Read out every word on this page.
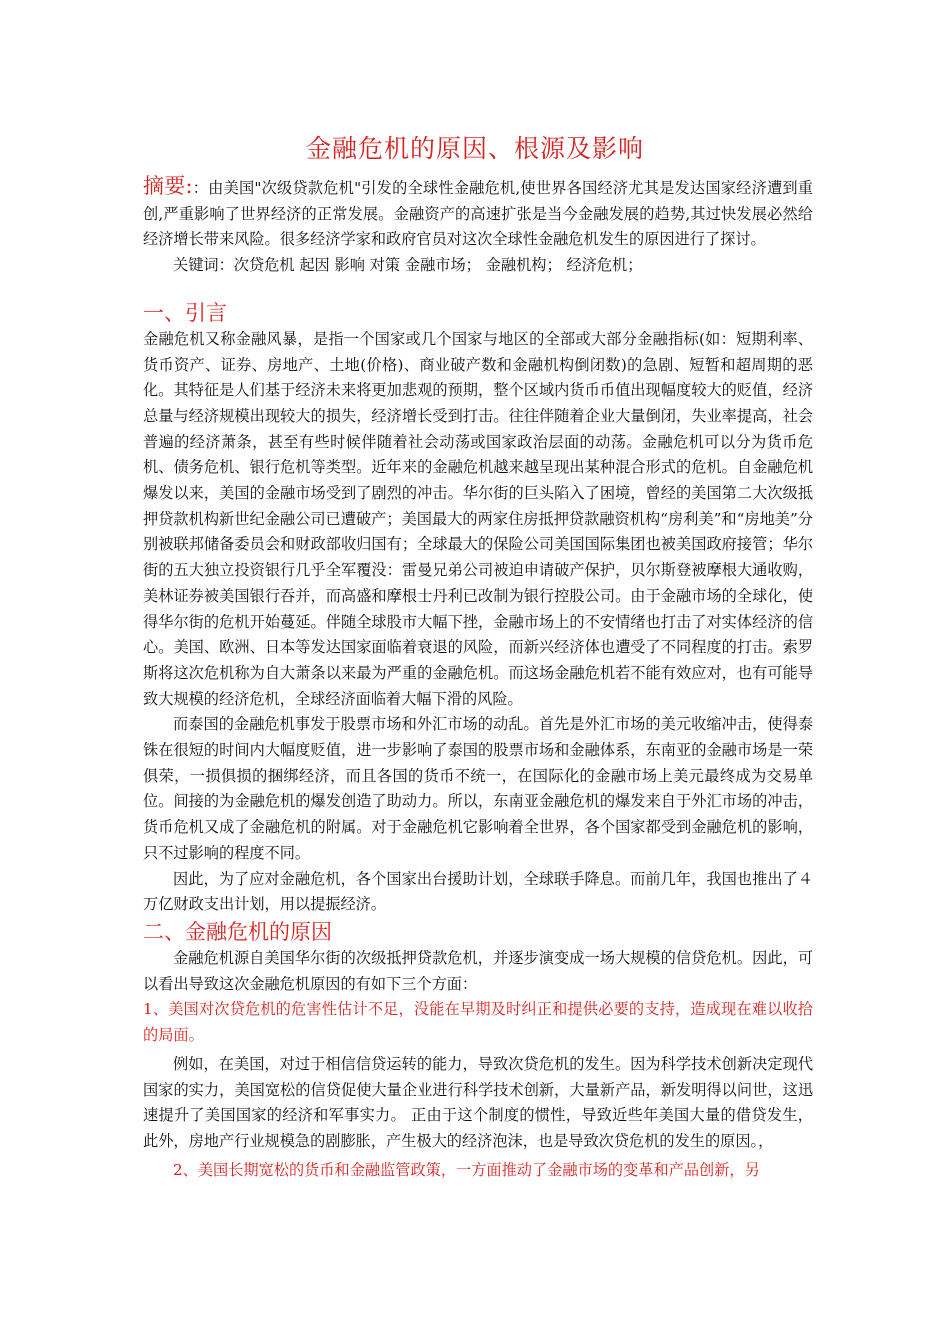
金融危机的原因、根源及影响

摘要:：由美国"次级贷款危机"引发的全球性金融危机,使世界各国经济尤其是发达国家经济遭到重创,严重影响了世界经济的正常发展。金融资产的高速扩张是当今金融发展的趋势,其过快发展必然给经济增长带来风险。很多经济学家和政府官员对这次全球性金融危机发生的原因进行了探讨。

关键词：次贷危机 起因 影响 对策 金融市场； 金融机构； 经济危机；

一、引言

金融危机又称金融风暴，是指一个国家或几个国家与地区的全部或大部分金融指标(如：短期利率、货币资产、证券、房地产、土地(价格)、商业破产数和金融机构倒闭数)的急剧、短暂和超周期的恶化。其特征是人们基于经济未来将更加悲观的预期，整个区域内货币币值出现幅度较大的贬值，经济总量与经济规模出现较大的损失，经济增长受到打击。往往伴随着企业大量倒闭，失业率提高，社会普遍的经济萧条，甚至有些时候伴随着社会动荡或国家政治层面的动荡。金融危机可以分为货币危机、债务危机、银行危机等类型。近年来的金融危机越来越呈现出某种混合形式的危机。自金融危机爆发以来，美国的金融市场受到了剧烈的冲击。华尔街的巨头陷入了困境，曾经的美国第二大次级抵押贷款机构新世纪金融公司已遭破产；美国最大的两家住房抵押贷款融资机构“房利美”和“房地美”分别被联邦储备委员会和财政部收归国有；全球最大的保险公司美国国际集团也被美国政府接管；华尔街的五大独立投资银行几乎全军覆没：雷曼兄弟公司被迫申请破产保护，贝尔斯登被摩根大通收购，美林证券被美国银行吞并，而高盛和摩根士丹利已改制为银行控股公司。由于金融市场的全球化，使得华尔街的危机开始蔓延。伴随全球股市大幅下挫，金融市场上的不安情绪也打击了对实体经济的信心。美国、欧洲、日本等发达国家面临着衰退的风险，而新兴经济体也遭受了不同程度的打击。索罗斯将这次危机称为自大萧条以来最为严重的金融危机。而这场金融危机若不能有效应对，也有可能导致大规模的经济危机，全球经济面临着大幅下滑的风险。

而泰国的金融危机事发于股票市场和外汇市场的动乱。首先是外汇市场的美元收缩冲击，使得泰铢在很短的时间内大幅度贬值，进一步影响了泰国的股票市场和金融体系，东南亚的金融市场是一荣俱荣，一损俱损的捆绑经济，而且各国的货币不统一，在国际化的金融市场上美元最终成为交易单位。间接的为金融危机的爆发创造了助动力。所以，东南亚金融危机的爆发来自于外汇市场的冲击，货币危机又成了金融危机的附属。对于金融危机它影响着全世界，各个国家都受到金融危机的影响，只不过影响的程度不同。

因此，为了应对金融危机，各个国家出台援助计划，全球联手降息。而前几年，我国也推出了４万亿财政支出计划，用以提振经济。

二、金融危机的原因

金融危机源自美国华尔街的次级抵押贷款危机，并逐步演变成一场大规模的信贷危机。因此，可以看出导致这次金融危机原因的有如下三个方面：

1、美国对次贷危机的危害性估计不足，没能在早期及时纠正和提供必要的支持，造成现在难以收拾的局面。

例如，在美国，对过于相信信贷运转的能力，导致次贷危机的发生。因为科学技术创新决定现代国家的实力，美国宽松的信贷促使大量企业进行科学技术创新，大量新产品，新发明得以问世，这迅速提升了美国国家的经济和军事实力。 正由于这个制度的惯性，导致近些年美国大量的借贷发生，此外，房地产行业规模急的剧膨胀，产生极大的经济泡沫，也是导致次贷危机的发生的原因。，

2、美国长期宽松的货币和金融监管政策，一方面推动了金融市场的变革和产品创新，另
